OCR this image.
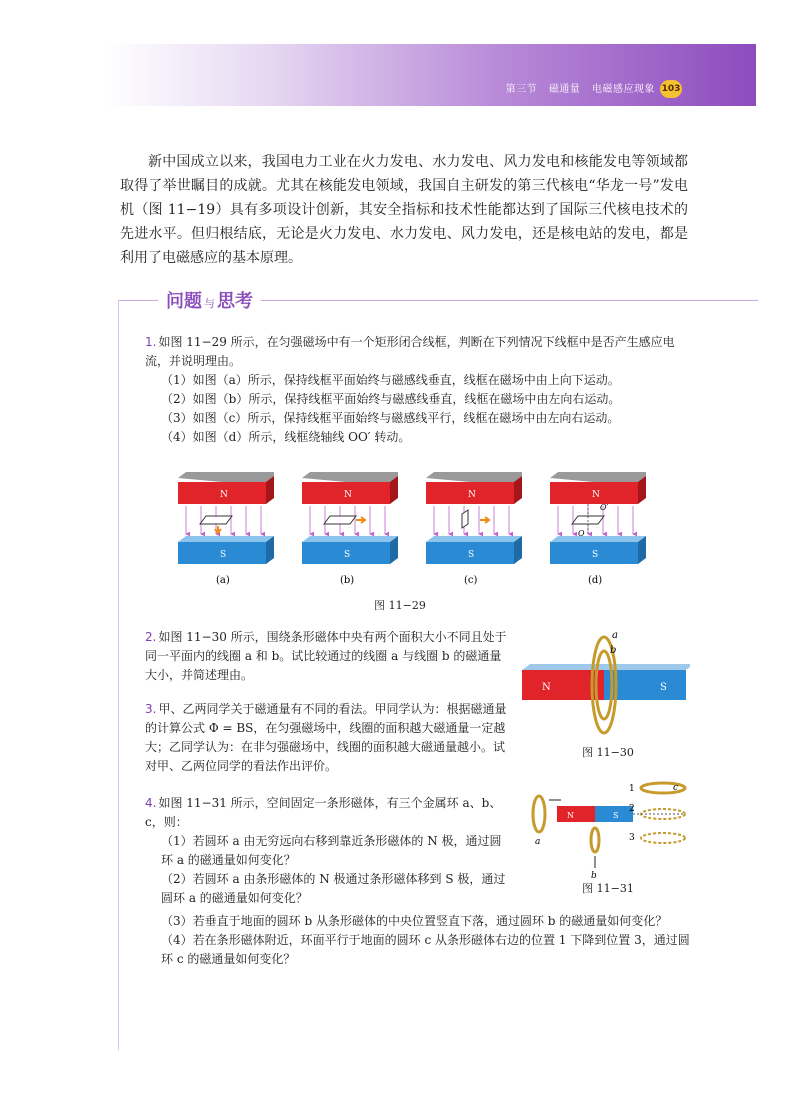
第三节 磁通量 电磁感应现象 103
新中国成立以来，我国电力工业在火力发电、水力发电、风力发电和核能发电等领域都取得了举世瞩目的成就。尤其在核能发电领域，我国自主研发的第三代核电“华龙一号”发电机（图 11−19）具有多项设计创新，其安全指标和技术性能都达到了国际三代核电技术的先进水平。但归根结底，无论是火力发电、水力发电、风力发电，还是核电站的发电，都是利用了电磁感应的基本原理。
问题 与 思考
1. 如图 11−29 所示，在匀强磁场中有一个矩形闭合线框，判断在下列情况下线框中是否产生感应电流，并说明理由。
（1）如图（a）所示，保持线框平面始终与磁感线垂直，线框在磁场中由上向下运动。
（2）如图（b）所示，保持线框平面始终与磁感线垂直，线框在磁场中由左向右运动。
（3）如图（c）所示，保持线框平面始终与磁感线平行，线框在磁场中由左向右运动。
（4）如图（d）所示，线框绕轴线 OO′ 转动。
N
S
(a)
N
S
(b)
N
S
(c)
N
S
O′
O
(d)
图 11−29
2. 如图 11−30 所示，围绕条形磁体中央有两个面积大小不同且处于同一平面内的线圈 a 和 b。试比较通过的线圈 a 与线圈 b 的磁通量大小，并简述理由。
N	S
a
b
图 11−30
3. 甲、乙两同学关于磁通量有不同的看法。甲同学认为：根据磁通量的计算公式 Φ = BS，在匀强磁场中，线圈的面积越大磁通量一定越大；乙同学认为：在非匀强磁场中，线圈的面积越大磁通量越小。试对甲、乙两位同学的看法作出评价。
4. 如图 11−31 所示，空间固定一条形磁体，有三个金属环 a、b、c，则：
（1）若圆环 a 由无穷远向右移到靠近条形磁体的 N 极，通过圆环 a 的磁通量如何变化？
（2）若圆环 a 由条形磁体的 N 极通过条形磁体移到 S 极，通过圆环 a 的磁通量如何变化？
（3）若垂直于地面的圆环 b 从条形磁体的中央位置竖直下落，通过圆环 b 的磁通量如何变化？
（4）若在条形磁体附近，环面平行于地面的圆环 c 从条形磁体右边的位置 1 下降到位置 3，通过圆环 c 的磁通量如何变化？
N	S
a
b
c
1
2
3
图 11−31
